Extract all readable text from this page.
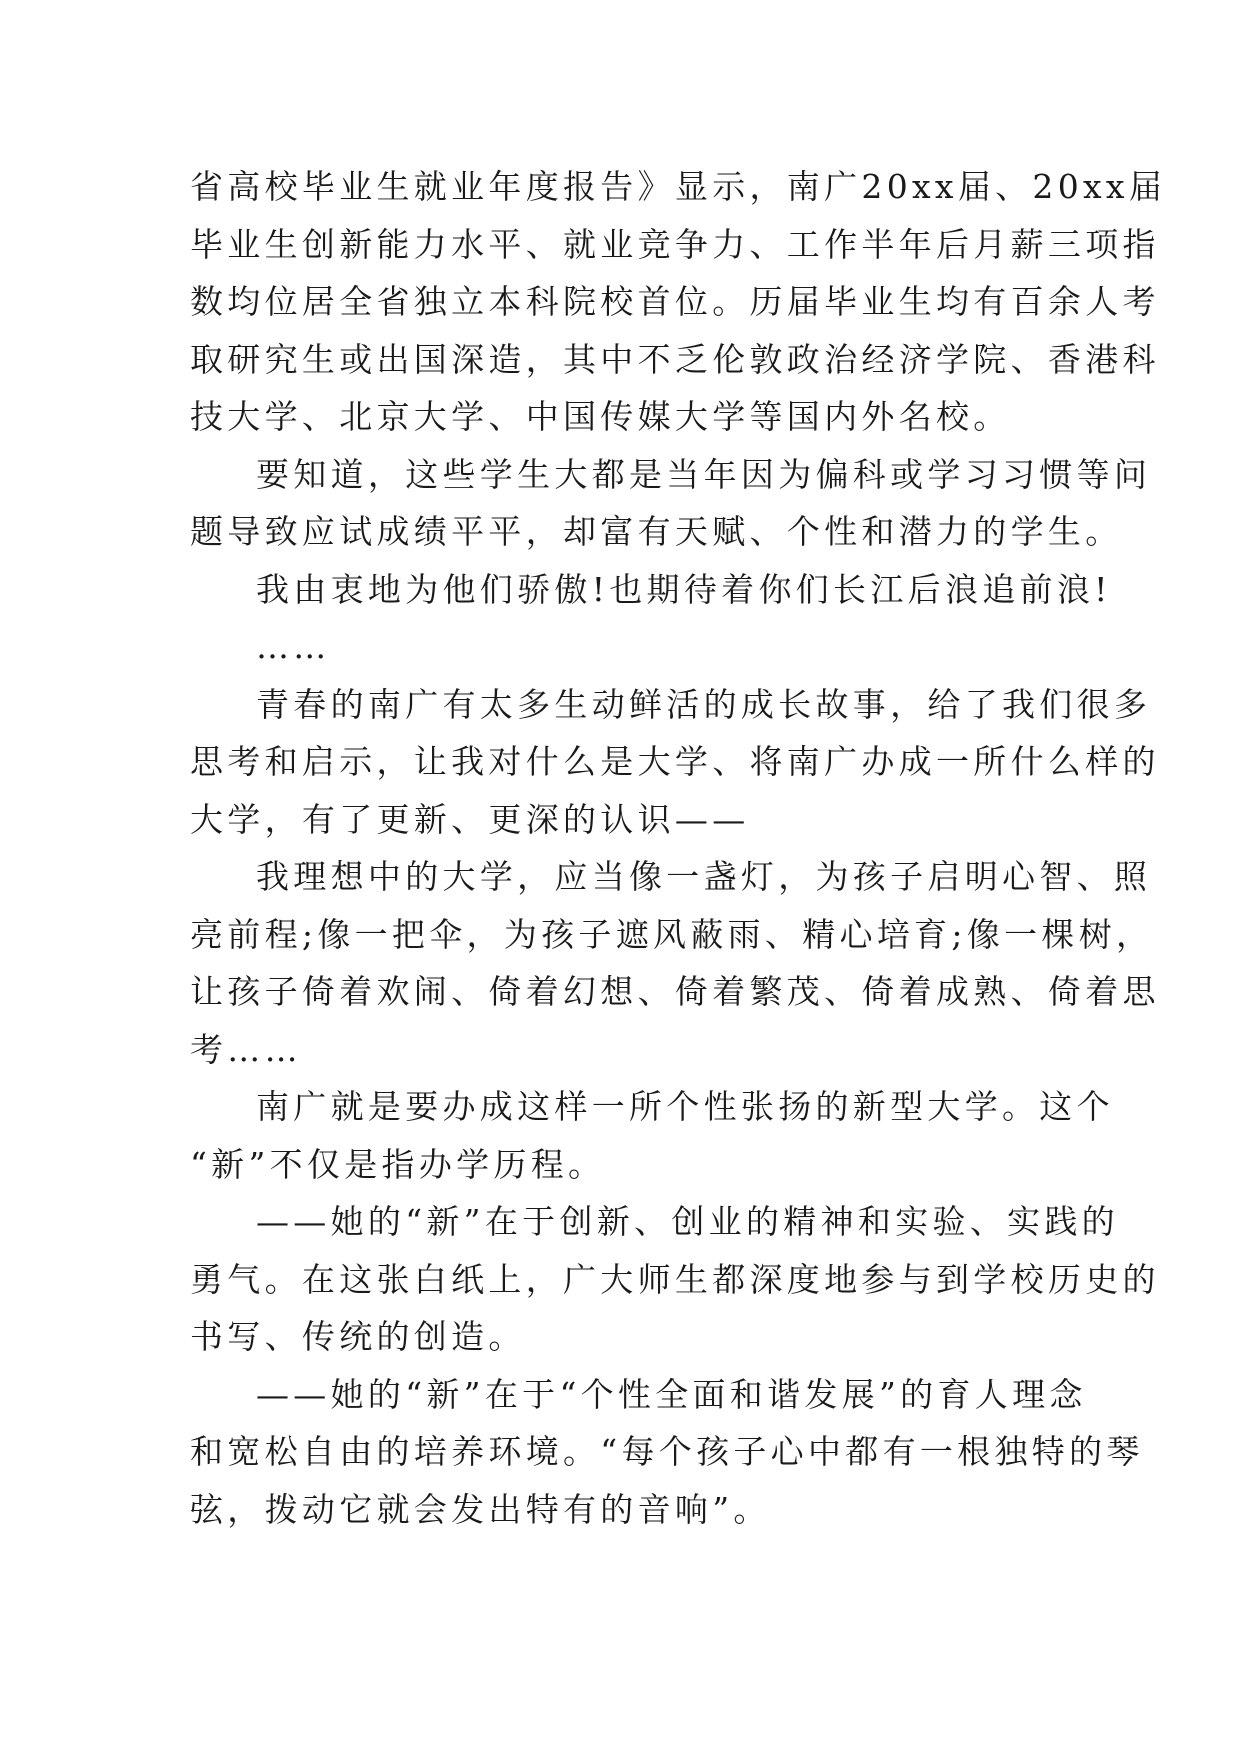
省高校毕业生就业年度报告》显示，南广20xx届、20xx届
毕业生创新能力水平、就业竞争力、工作半年后月薪三项指
数均位居全省独立本科院校首位。历届毕业生均有百余人考
取研究生或出国深造，其中不乏伦敦政治经济学院、香港科
技大学、北京大学、中国传媒大学等国内外名校。
要知道，这些学生大都是当年因为偏科或学习习惯等问
题导致应试成绩平平，却富有天赋、个性和潜力的学生。
我由衷地为他们骄傲!也期待着你们长江后浪追前浪!
……
青春的南广有太多生动鲜活的成长故事，给了我们很多
思考和启示，让我对什么是大学、将南广办成一所什么样的
大学，有了更新、更深的认识——
我理想中的大学，应当像一盏灯，为孩子启明心智、照
亮前程;像一把伞，为孩子遮风蔽雨、精心培育;像一棵树，
让孩子倚着欢闹、倚着幻想、倚着繁茂、倚着成熟、倚着思
考……
南广就是要办成这样一所个性张扬的新型大学。这个
“新”不仅是指办学历程。
——她的“新”在于创新、创业的精神和实验、实践的
勇气。在这张白纸上，广大师生都深度地参与到学校历史的
书写、传统的创造。
——她的“新”在于“个性全面和谐发展”的育人理念
和宽松自由的培养环境。“每个孩子心中都有一根独特的琴
弦，拨动它就会发出特有的音响”。
